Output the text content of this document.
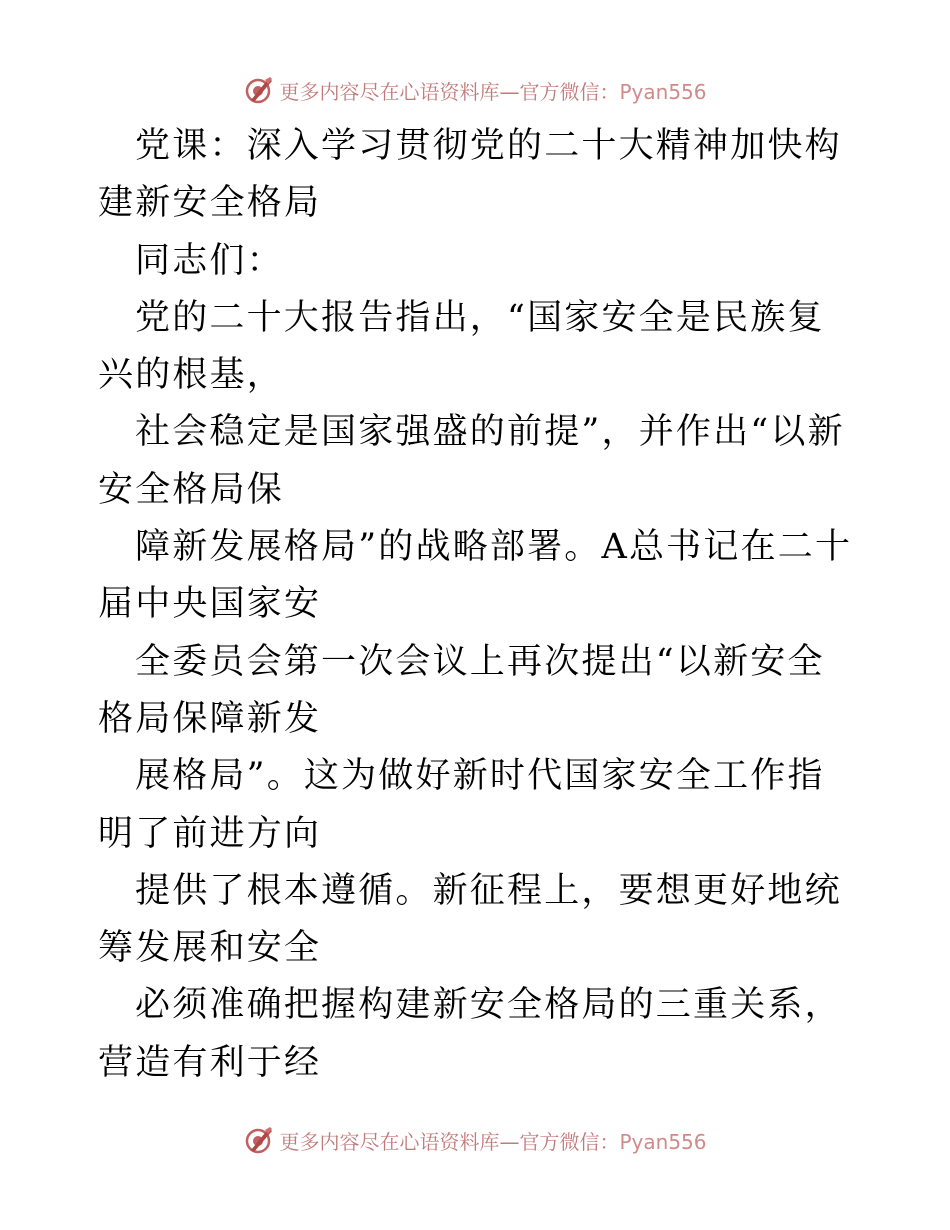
更多内容尽在心语资料库—官方微信：Pyan556

党课：深入学习贯彻党的二十大精神加快构建新安全格局

同志们：

党的二十大报告指出，“国家安全是民族复兴的根基，

社会稳定是国家强盛的前提”，并作出“以新安全格局保

障新发展格局”的战略部署。A总书记在二十届中央国家安

全委员会第一次会议上再次提出“以新安全格局保障新发

展格局”。这为做好新时代国家安全工作指明了前进方向

提供了根本遵循。新征程上，要想更好地统筹发展和安全

必须准确把握构建新安全格局的三重关系，营造有利于经

更多内容尽在心语资料库—官方微信：Pyan556
